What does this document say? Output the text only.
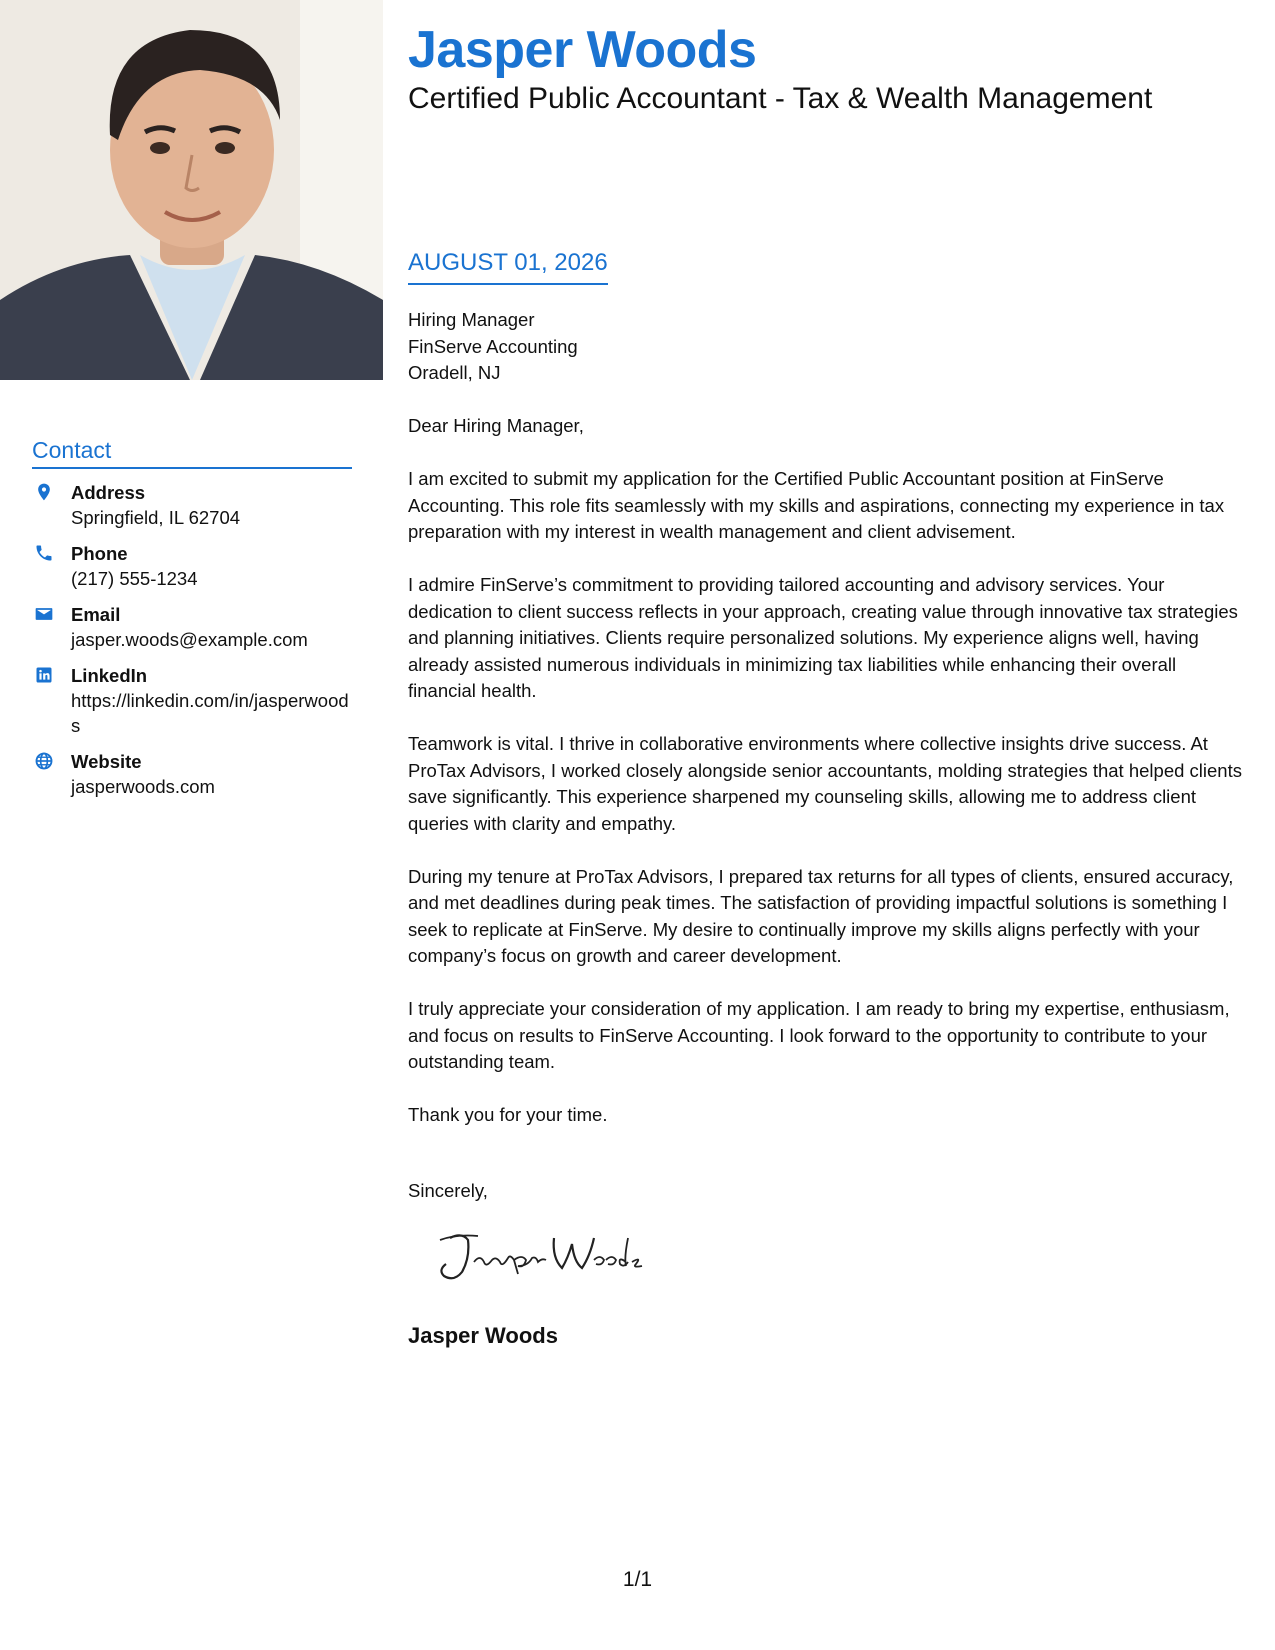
Contact
Address
Springfield, IL 62704
Phone
(217) 555-1234
Email
jasper.woods@example.com
LinkedIn
https://linkedin.com/in/jasperwoods
Website
jasperwoods.com
Jasper Woods
Certified Public Accountant - Tax & Wealth Management
AUGUST 01, 2026
Hiring Manager
FinServe Accounting
Oradell, NJ

Dear Hiring Manager,

I am excited to submit my application for the Certified Public Accountant position at FinServe Accounting. This role fits seamlessly with my skills and aspirations, connecting my experience in tax preparation with my interest in wealth management and client advisement.

I admire FinServe’s commitment to providing tailored accounting and advisory services. Your dedication to client success reflects in your approach, creating value through innovative tax strategies and planning initiatives. Clients require personalized solutions. My experience aligns well, having already assisted numerous individuals in minimizing tax liabilities while enhancing their overall financial health.

Teamwork is vital. I thrive in collaborative environments where collective insights drive success. At ProTax Advisors, I worked closely alongside senior accountants, molding strategies that helped clients save significantly. This experience sharpened my counseling skills, allowing me to address client queries with clarity and empathy.

During my tenure at ProTax Advisors, I prepared tax returns for all types of clients, ensured accuracy, and met deadlines during peak times. The satisfaction of providing impactful solutions is something I seek to replicate at FinServe. My desire to continually improve my skills aligns perfectly with your company’s focus on growth and career development.

I truly appreciate your consideration of my application. I am ready to bring my expertise, enthusiasm, and focus on results to FinServe Accounting. I look forward to the opportunity to contribute to your outstanding team.

Thank you for your time.

Sincerely,
Jasper Woods
1/1
